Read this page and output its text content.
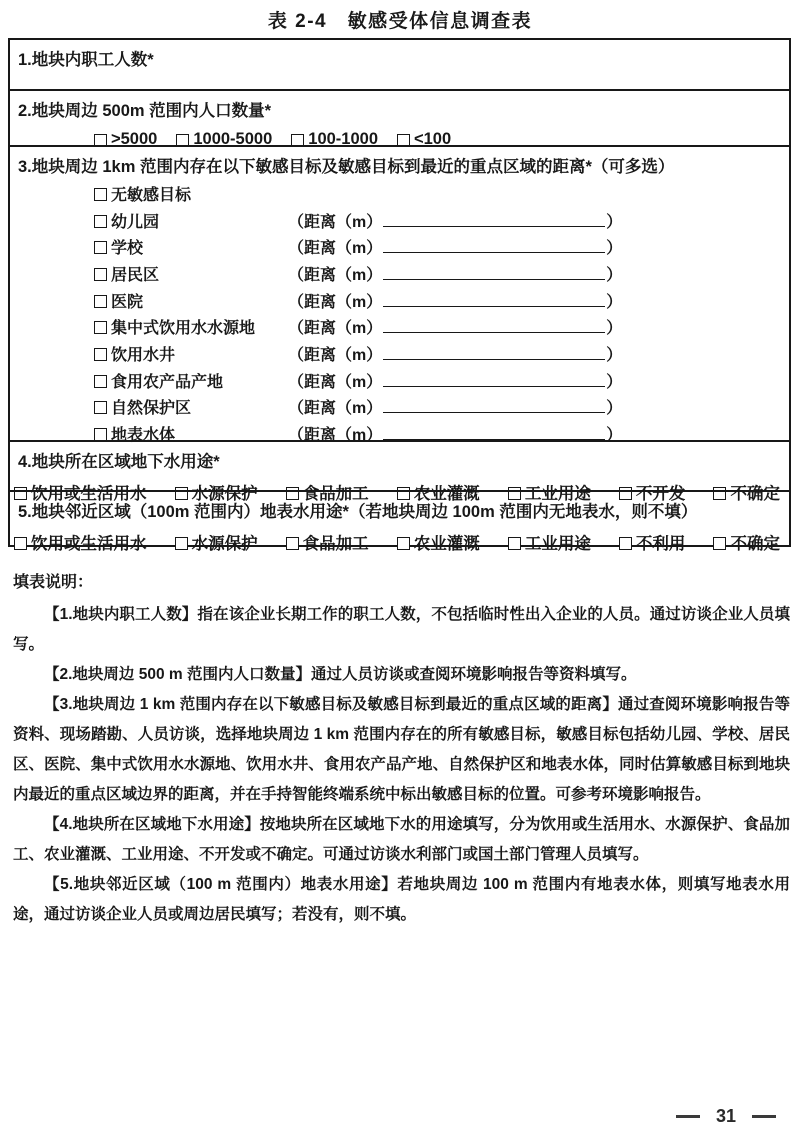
表 2-4　敏感受体信息调查表
1.地块内职工人数*
2.地块周边 500m 范围内人口数量*
>5000 1000-5000 100-1000 <100
3.地块周边 1km 范围内存在以下敏感目标及敏感目标到最近的重点区域的距离*（可多选）
无敏感目标
幼儿园	（距离（m）	）
学校	（距离（m）	）
居民区	（距离（m）	）
医院	（距离（m）	）
集中式饮用水水源地 （距离（m）	）
饮用水井	（距离（m）	）
食用农产品产地	（距离（m）	）
自然保护区	（距离（m）	）
地表水体	（距离（m）	）
4.地块所在区域地下水用途*
饮用或生活用水	水源保护	食品加工	农业灌溉	工业用途	不开发	不确定
5.地块邻近区域（100m 范围内）地表水用途*（若地块周边 100m 范围内无地表水，则不填）
饮用或生活用水	水源保护	食品加工	农业灌溉	工业用途	不利用	不确定
填表说明：

【1.地块内职工人数】指在该企业长期工作的职工人数，不包括临时性出入企业的人员。通过访谈企业人员填写。

【2.地块周边 500 m 范围内人口数量】通过人员访谈或查阅环境影响报告等资料填写。

【3.地块周边 1 km 范围内存在以下敏感目标及敏感目标到最近的重点区域的距离】通过查阅环境影响报告等资料、现场踏勘、人员访谈，选择地块周边 1 km 范围内存在的所有敏感目标，敏感目标包括幼儿园、学校、居民区、医院、集中式饮用水水源地、饮用水井、食用农产品产地、自然保护区和地表水体，同时估算敏感目标到地块内最近的重点区域边界的距离，并在手持智能终端系统中标出敏感目标的位置。可参考环境影响报告。

【4.地块所在区域地下水用途】按地块所在区域地下水的用途填写，分为饮用或生活用水、水源保护、食品加工、农业灌溉、工业用途、不开发或不确定。可通过访谈水利部门或国土部门管理人员填写。

【5.地块邻近区域（100 m 范围内）地表水用途】若地块周边 100 m 范围内有地表水体，则填写地表水用途，通过访谈企业人员或周边居民填写；若没有，则不填。

31
